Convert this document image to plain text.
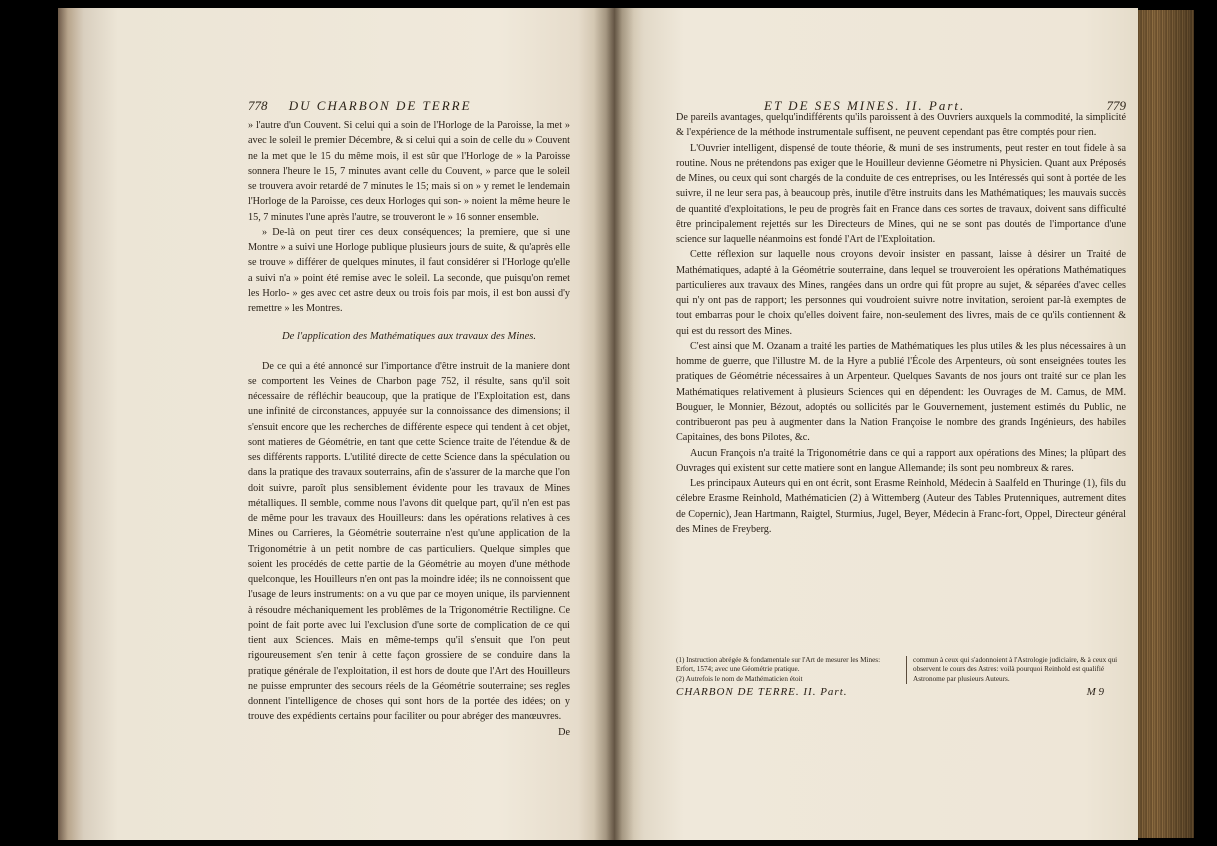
778 DU CHARBON DE TERRE

» l'autre d'un Couvent. Si celui qui a soin de l'Horloge de la Paroisse, la met » avec le soleil le premier Décembre, & si celui qui a soin de celle du » Couvent ne la met que le 15 du même mois, il est sûr que l'Horloge de » la Paroisse sonnera l'heure le 15, 7 minutes avant celle du Couvent, » parce que le soleil se trouvera avoir retardé de 7 minutes le 15; mais si on » y remet le lendemain l'Horloge de la Paroisse, ces deux Horloges qui son- » noient la même heure le 15, 7 minutes l'une après l'autre, se trouveront le » 16 sonner ensemble.

» De-là on peut tirer ces deux conséquences; la premiere, que si une Montre » a suivi une Horloge publique plusieurs jours de suite, & qu'après elle se trouve » différer de quelques minutes, il faut considérer si l'Horloge qu'elle a suivi n'a » point été remise avec le soleil. La seconde, que puisqu'on remet les Horlo- » ges avec cet astre deux ou trois fois par mois, il est bon aussi d'y remettre » les Montres.

De l'application des Mathématiques aux travaux des Mines.

De ce qui a été annoncé sur l'importance d'être instruit de la maniere dont se comportent les Veines de Charbon page 752, il résulte, sans qu'il soit nécessaire de réfléchir beaucoup, que la pratique de l'Exploitation est, dans une infinité de circonstances, appuyée sur la connoissance des dimensions; il s'ensuit encore que les recherches de différente espece qui tendent à cet objet, sont matieres de Géométrie, en tant que cette Science traite de l'étendue & de ses différents rapports. L'utilité directe de cette Science dans la spéculation ou dans la pratique des travaux souterrains, afin de s'assurer de la marche que l'on doit suivre, paroît plus sensiblement évidente pour les travaux de Mines métalliques. Il semble, comme nous l'avons dit quelque part, qu'il n'en est pas de même pour les travaux des Houilleurs: dans les opérations relatives à ces Mines ou Carrieres, la Géométrie souterraine n'est qu'une application de la Trigonométrie à un petit nombre de cas particuliers. Quelque simples que soient les procédés de cette partie de la Géométrie au moyen d'une méthode quelconque, les Houilleurs n'en ont pas la moindre idée; ils ne connoissent que l'usage de leurs instruments: on a vu que par ce moyen unique, ils parviennent à résoudre méchaniquement les problêmes de la Trigonométrie Rectiligne. Ce point de fait porte avec lui l'exclusion d'une sorte de complication de ce qui tient aux Sciences. Mais en même-temps qu'il s'ensuit que l'on peut rigoureusement s'en tenir à cette façon grossiere de se conduire dans la pratique générale de l'exploitation, il est hors de doute que l'Art des Houilleurs ne puisse emprunter des secours réels de la Géométrie souterraine; ses regles donnent l'intelligence de choses qui sont hors de la portée des idées; on y trouve des expédients certains pour faciliter ou pour abréger des manœuvres.

De

ET DE SES MINES. II. Part.	779

De pareils avantages, quelqu'indifférents qu'ils paroissent à des Ouvriers auxquels la commodité, la simplicité & l'expérience de la méthode instrumentale suffisent, ne peuvent cependant pas être comptés pour rien.

L'Ouvrier intelligent, dispensé de toute théorie, & muni de ses instruments, peut rester en tout fidele à sa routine. Nous ne prétendons pas exiger que le Houilleur devienne Géometre ni Physicien. Quant aux Préposés de Mines, ou ceux qui sont chargés de la conduite de ces entreprises, ou les Intéressés qui sont à portée de les suivre, il ne leur sera pas, à beaucoup près, inutile d'être instruits dans les Mathématiques; les mauvais succès de quantité d'exploitations, le peu de progrès fait en France dans ces sortes de travaux, doivent sans difficulté être principalement rejettés sur les Directeurs de Mines, qui ne se sont pas doutés de l'importance d'une science sur laquelle néanmoins est fondé l'Art de l'Exploitation.

Cette réflexion sur laquelle nous croyons devoir insister en passant, laisse à désirer un Traité de Mathématiques, adapté à la Géométrie souterraine, dans lequel se trouveroient les opérations Mathématiques particulieres aux travaux des Mines, rangées dans un ordre qui fût propre au sujet, & séparées d'avec celles qui n'y ont pas de rapport; les personnes qui voudroient suivre notre invitation, seroient par-là exemptes de tout embarras pour le choix qu'elles doivent faire, non-seulement des livres, mais de ce qu'ils contiennent & qui est du ressort des Mines.

C'est ainsi que M. Ozanam a traité les parties de Mathématiques les plus utiles & les plus nécessaires à un homme de guerre, que l'illustre M. de la Hyre a publié l'École des Arpenteurs, où sont enseignées toutes les pratiques de Géométrie nécessaires à un Arpenteur. Quelques Savants de nos jours ont traité sur ce plan les Mathématiques relativement à plusieurs Sciences qui en dépendent: les Ouvrages de M. Camus, de MM. Bouguer, le Monnier, Bézout, adoptés ou sollicités par le Gouvernement, justement estimés du Public, ne contribueront pas peu à augmenter dans la Nation Françoise le nombre des grands Ingénieurs, des habiles Capitaines, des bons Pilotes, &c.

Aucun François n'a traité la Trigonométrie dans ce qui a rapport aux opérations des Mines; la plûpart des Ouvrages qui existent sur cette matiere sont en langue Allemande; ils sont peu nombreux & rares.

Les principaux Auteurs qui en ont écrit, sont Erasme Reinhold, Médecin à Saalfeld en Thuringe (1), fils du célebre Erasme Reinhold, Mathématicien (2) à Wittemberg (Auteur des Tables Prutenniques, autrement dites de Copernic), Jean Hartmann, Raigtel, Sturmius, Jugel, Beyer, Médecin à Franc-fort, Oppel, Directeur général des Mines de Freyberg.

(1) Instruction abrégée & fondamentale sur l'Art de mesurer les Mines: Erfort, 1574; avec une Géométrie pratique.

(2) Autrefois le nom de Mathématicien étoit

commun à ceux qui s'adonnoient à l'Astrologie judiciaire, & à ceux qui observent le cours des Astres: voilà pourquoi Reinhold est qualifié Astronome par plusieurs Auteurs.

CHARBON DE TERRE. II. Part.	M 9
